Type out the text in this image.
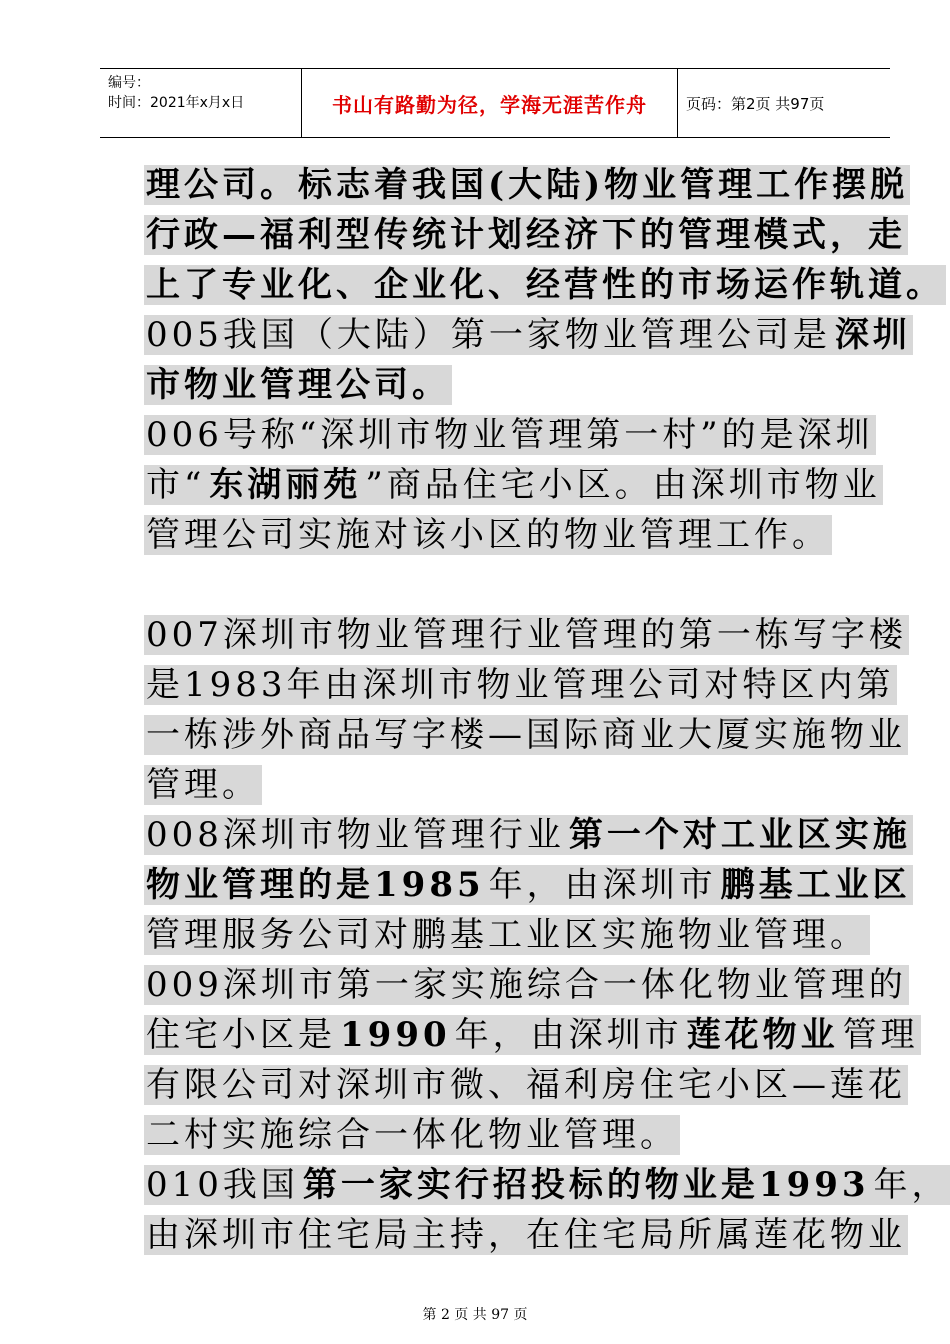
编号：
时间：2021年x月x日	书山有路勤为径，学海无涯苦作舟	页码：第2页 共97页
理公司。标志着我国(大陆)物业管理工作摆脱
行政—福利型传统计划经济下的管理模式，走
上了专业化、企业化、经营性的市场运作轨道。
005我国（大陆）第一家物业管理公司是 深圳
市物业管理公司。
006号称“深圳市物业管理第一村”的是深圳
市“ 东湖丽苑 ”商品住宅小区。由深圳市物业
管理公司实施对该小区的物业管理工作。
007深圳市物业管理行业管理的第一栋写字楼
是1983年由深圳市物业管理公司对特区内第
一栋涉外商品写字楼—国际商业大厦实施物业
管理。
008深圳市物业管理行业 第一个对工业区实施
物业管理的是1985 年，由深圳市 鹏基工业区
管理服务公司对鹏基工业区实施物业管理。
009深圳市第一家实施综合一体化物业管理的
住宅小区是 1990 年，由深圳市 莲花物业 管理
有限公司对深圳市微、福利房住宅小区—莲花
二村实施综合一体化物业管理。
010我国 第一家实行招投标的物业是1993 年，
由深圳市住宅局主持，在住宅局所属莲花物业
第 2 页 共 97 页
